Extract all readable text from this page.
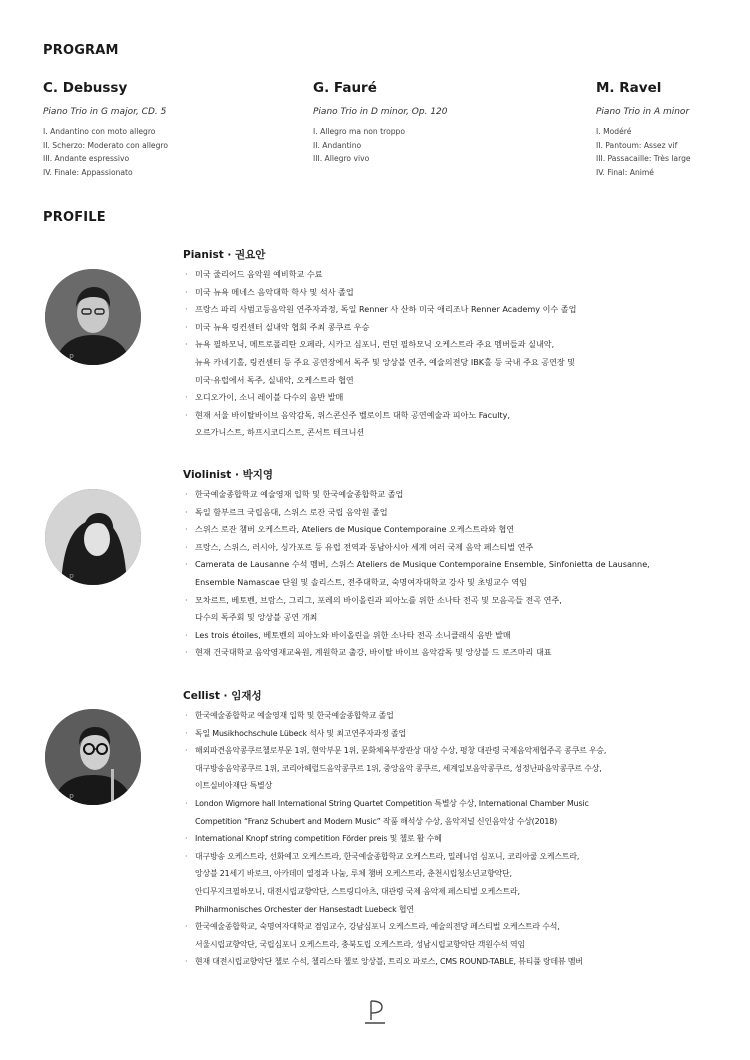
PROGRAM
C. Debussy
Piano Trio in G major, CD. 5
I. Andantino con moto allegro
II. Scherzo: Moderato con allegro
III. Andante espressivo
IV. Finale: Appassionato
G. Fauré
Piano Trio in D minor, Op. 120
I. Allegro ma non troppo
II. Andantino
III. Allegro vivo
M. Ravel
Piano Trio in A minor
I. Modéré
II. Pantoum: Assez vif
III. Passacaille: Très large
IV. Final: Animé
PROFILE
P
Pianist · 권요안
· 미국 줄리어드 음악원 예비학교 수료
· 미국 뉴욕 메네스 음악대학 학사 및 석사 졸업
· 프랑스 파리 사범고등음악원 연주자과정, 독일 Renner 사 산하 미국 애리조나 Renner Academy 이수 졸업
· 미국 뉴욕 링컨센터 실내악 협회 주최 콩쿠르 우승
· 뉴욕 필하모닉, 메트로폴리탄 오페라, 시카고 심포니, 런던 필하모닉 오케스트라 주요 멤버들과 실내악,
뉴욕 카네기홀, 링컨센터 등 주요 공연장에서 독주 및 앙상블 연주, 예술의전당 IBK홀 등 국내 주요 공연장 및
미국·유럽에서 독주, 실내악, 오케스트라 협연
· 오디오가이, 소니 레이블 다수의 음반 발매
· 현재 서울 바이탈바이브 음악감독, 위스콘신주 벨로이트 대학 공연예술과 피아노 Faculty,
오르가니스트, 하프시코디스트, 콘서트 테크니션
P
Violinist · 박지영
· 한국예술종합학교 예술영재 입학 및 한국예술종합학교 졸업
· 독일 함부르크 국립음대, 스위스 로잔 국립 음악원 졸업
· 스위스 로잔 챔버 오케스트라, Ateliers de Musique Contemporaine 오케스트라와 협연
· 프랑스, 스위스, 러시아, 싱가포르 등 유럽 전역과 동남아시아 세계 여러 국제 음악 페스티벌 연주
· Camerata de Lausanne 수석 멤버, 스위스 Ateliers de Musique Contemporaine Ensemble, Sinfonietta de Lausanne,
Ensemble Namascae 단원 및 솔리스트, 전주대학교, 숙명여자대학교 강사 및 초빙교수 역임
· 모차르트, 베토벤, 브람스, 그리그, 포레의 바이올린과 피아노를 위한 소나타 전곡 및 모음곡들 전곡 연주,
다수의 독주회 및 앙상블 공연 개최
· Les trois étoiles, 베토벤의 피아노와 바이올린을 위한 소나타 전곡 소니클래식 음반 발매
· 현재 건국대학교 음악영재교육원, 계원학교 출강, 바이탈 바이브 음악감독 및 앙상블 드 로즈마리 대표
P
Cellist · 임재성
· 한국예술종합학교 예술영재 입학 및 한국예술종합학교 졸업
· 독일 Musikhochschule Lübeck 석사 및 최고연주자과정 졸업
· 해외파견음악콩쿠르첼로부문 1위, 현악부문 1위, 문화체육부장관상 대상 수상, 평창 대관령 국제음악제협주곡 콩쿠르 우승,
대구방송음악콩쿠르 1위, 코리아헤럴드음악콩쿠르 1위, 중앙음악 콩쿠르, 세계일보음악콩쿠르, 성정난파음악콩쿠르 수상,
이트실비아재단 특별상
· London Wigmore hall International String Quartet Competition 특별상 수상, International Chamber Music
Competition “Franz Schubert and Modern Music” 작품 해석상 수상, 음악저널 신인음악상 수상(2018)
· International Knopf string competition Förder preis 및 첼로 활 수혜
· 대구방송 오케스트라, 선화예고 오케스트라, 한국예술종합학교 오케스트라, 밀레니엄 심포니, 코리아쿱 오케스트라,
앙상블 21세기 바로크, 아카데미 열정과 나눔, 루체 챔버 오케스트라, 춘천시립청소년교향악단,
안디무지크필하모니, 대전시립교향악단, 스트링디아츠, 대관령 국제 음악제 페스티벌 오케스트라,
Philharmonisches Orchester der Hansestadt Luebeck 협연
· 한국예술종합학교, 숙명여자대학교 겸임교수, 강남심포니 오케스트라, 예술의전당 페스티벌 오케스트라 수석,
서울시립교향악단, 국립심포니 오케스트라, 충북도립 오케스트라, 성남시립교향악단 객원수석 역임
· 현재 대전시립교향악단 첼로 수석, 첼리스타 첼로 앙상블, 트리오 파로스, CMS ROUND-TABLE, 뷰티풀 랑데뷰 멤버
